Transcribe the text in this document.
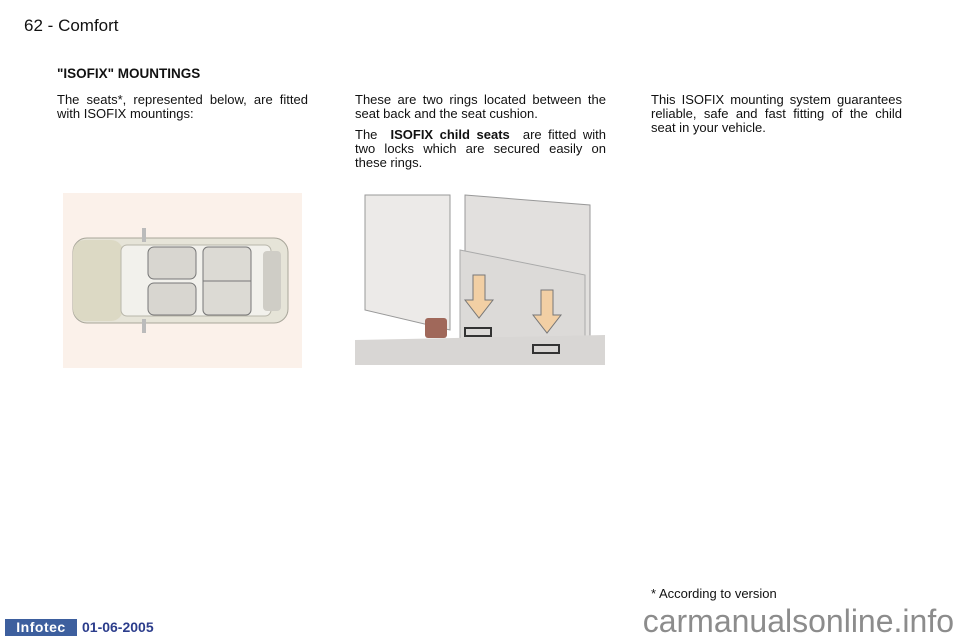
62 - Comfort
"ISOFIX" MOUNTINGS

The seats*, represented below, are fitted with ISOFIX mountings:

These are two rings located between the seat back and the seat cushion.

The ISOFIX child seats are fitted with two locks which are secured easily on these rings.

This ISOFIX mounting system guarantees reliable, safe and fast fitting of the child seat in your vehicle.

* According to version
carmanualsonline.info
Infotec	01-06-2005
